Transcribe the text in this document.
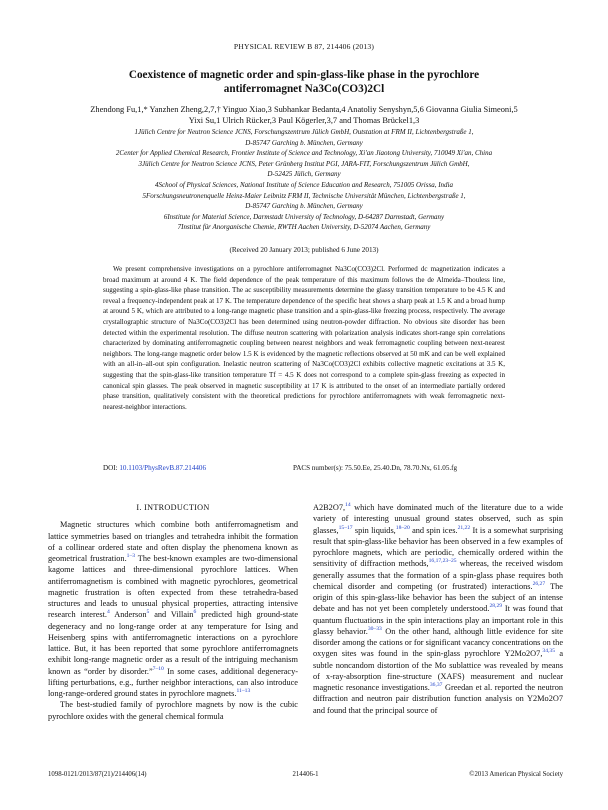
PHYSICAL REVIEW B 87, 214406 (2013)
Coexistence of magnetic order and spin-glass-like phase in the pyrochlore
antiferromagnet Na3Co(CO3)2Cl
Zhendong Fu,1,* Yanzhen Zheng,2,7,† Yinguo Xiao,3 Subhankar Bedanta,4 Anatoliy Senyshyn,5,6 Giovanna Giulia Simeoni,5
Yixi Su,1 Ulrich Rücker,3 Paul Kögerler,3,7 and Thomas Brückel1,3
1Jülich Centre for Neutron Science JCNS, Forschungszentrum Jülich GmbH, Outstation at FRM II, Lichtenbergstraße 1,
D-85747 Garching b. München, Germany
2Center for Applied Chemical Research, Frontier Institute of Science and Technology, Xi'an Jiaotong University, 710049 Xi'an, China
3Jülich Centre for Neutron Science JCNS, Peter Grünberg Institut PGI, JARA-FIT, Forschungszentrum Jülich GmbH,
D-52425 Jülich, Germany
4School of Physical Sciences, National Institute of Science Education and Research, 751005 Orissa, India
5Forschungsneutronenquelle Heinz-Maier Leibnitz FRM II, Technische Universität München, Lichtenbergstraße 1,
D-85747 Garching b. München, Germany
6Institute for Material Science, Darmstadt University of Technology, D-64287 Darmstadt, Germany
7Institut für Anorganische Chemie, RWTH Aachen University, D-52074 Aachen, Germany
(Received 20 January 2013; published 6 June 2013)

We present comprehensive investigations on a pyrochlore antiferromagnet Na3Co(CO3)2Cl. Performed dc magnetization indicates a broad maximum at around 4 K. The field dependence of the peak temperature of this maximum follows the de Almeida–Thouless line, suggesting a spin-glass-like phase transition. The ac susceptibility measurements determine the glassy transition temperature to be 4.5 K and reveal a frequency-independent peak at 17 K. The temperature dependence of the specific heat shows a sharp peak at 1.5 K and a broad hump at around 5 K, which are attributed to a long-range magnetic phase transition and a spin-glass-like freezing process, respectively. The average crystallographic structure of Na3Co(CO3)2Cl has been determined using neutron-powder diffraction. No obvious site disorder has been detected within the experimental resolution. The diffuse neutron scattering with polarization analysis indicates short-range spin correlations characterized by dominating antiferromagnetic coupling between nearest neighbors and weak ferromagnetic coupling between next-nearest neighbors. The long-range magnetic order below 1.5 K is evidenced by the magnetic reflections observed at 50 mK and can be well explained with an all-in–all-out spin configuration. Inelastic neutron scattering of Na3Co(CO3)2Cl exhibits collective magnetic excitations at 3.5 K, suggesting that the spin-glass-like transition temperature Tf = 4.5 K does not correspond to a complete spin-glass freezing as expected in canonical spin glasses. The peak observed in magnetic susceptibility at 17 K is attributed to the onset of an intermediate partially ordered phase transition, qualitatively consistent with the theoretical predictions for pyrochlore antiferromagnets with weak ferromagnetic next-nearest-neighbor interactions.

DOI: 10.1103/PhysRevB.87.214406	PACS number(s): 75.50.Ee, 25.40.Dn, 78.70.Nx, 61.05.fg
I. INTRODUCTION

Magnetic structures which combine both antiferromagnetism and lattice symmetries based on triangles and tetrahedra inhibit the formation of a collinear ordered state and often display the phenomena known as geometrical frustration.$^{1-3}$ The best-known examples are two-dimensional kagome lattices and three-dimensional pyrochlore lattices. When antiferromagnetism is combined with magnetic pyrochlores, geometrical magnetic frustration is often expected from these tetrahedra-based structures and leads to unusual physical properties, attracting intensive research interest.$^4$ Anderson$^5$ and Villain$^6$ predicted high ground-state degeneracy and no long-range order at any temperature for Ising and Heisenberg spins with antiferromagnetic interactions on a pyrochlore lattice. But, it has been reported that some pyrochlore antiferromagnets exhibit long-range magnetic order as a result of the intriguing mechanism known as “order by disorder.”$^{7-10}$ In some cases, additional degeneracy-lifting perturbations, e.g., further neighbor interactions, can also introduce long-range-ordered ground states in pyrochlore magnets.$^{11-13}$

The best-studied family of pyrochlore magnets by now is the cubic pyrochlore oxides with the general chemical formula

A2B2O7,14 which have dominated much of the literature due to a wide variety of interesting unusual ground states observed, such as spin glasses,$^{15-17}$ spin liquids,$^{18-20}$ and spin ices.$^{21,22}$ It is a somewhat surprising result that spin-glass-like behavior has been observed in a few examples of pyrochlore magnets, which are periodic, chemically ordered within the sensitivity of diffraction methods,$^{16,17,23-25}$ whereas, the received wisdom generally assumes that the formation of a spin-glass phase requires both chemical disorder and competing (or frustrated) interactions.$^{26,27}$ The origin of this spin-glass-like behavior has been the subject of an intense debate and has not yet been completely understood.$^{28,29}$ It was found that quantum fluctuations in the spin interactions play an important role in this glassy behavior.$^{30-33}$ On the other hand, although little evidence for site disorder among the cations or for significant vacancy concentrations on the oxygen sites was found in the spin-glass pyrochlore Y2Mo2O7,$^{34,35}$ a subtle noncandom distortion of the Mo sublattice was revealed by means of x-ray-absorption fine-structure (XAFS) measurement and nuclear magnetic resonance investigations.$^{36,37}$ Greedan et al. reported the neutron diffraction and neutron pair distribution function analysis on Y2Mo2O7 and found that the principal source of

1098-0121/2013/87(21)/214406(14)	214406-1	©2013 American Physical Society
